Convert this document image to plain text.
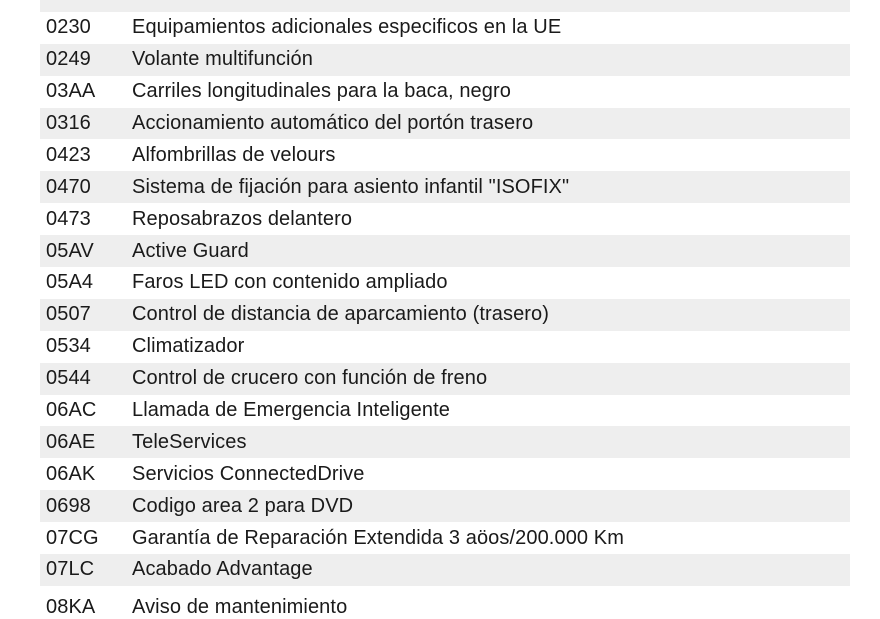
0230	Equipamientos adicionales especificos en la UE
0249	Volante multifunción
03AA	Carriles longitudinales para la baca, negro
0316	Accionamiento automático del portón trasero
0423	Alfombrillas de velours
0470	Sistema de fijación para asiento infantil "ISOFIX"
0473	Reposabrazos delantero
05AV	Active Guard
05A4	Faros LED con contenido ampliado
0507	Control de distancia de aparcamiento (trasero)
0534	Climatizador
0544	Control de crucero con función de freno
06AC	Llamada de Emergencia Inteligente
06AE	TeleServices
06AK	Servicios ConnectedDrive
0698	Codigo area 2 para DVD
07CG	Garantía de Reparación Extendida 3 aöos/200.000 Km
07LC	Acabado Advantage
08KA	Aviso de mantenimiento
